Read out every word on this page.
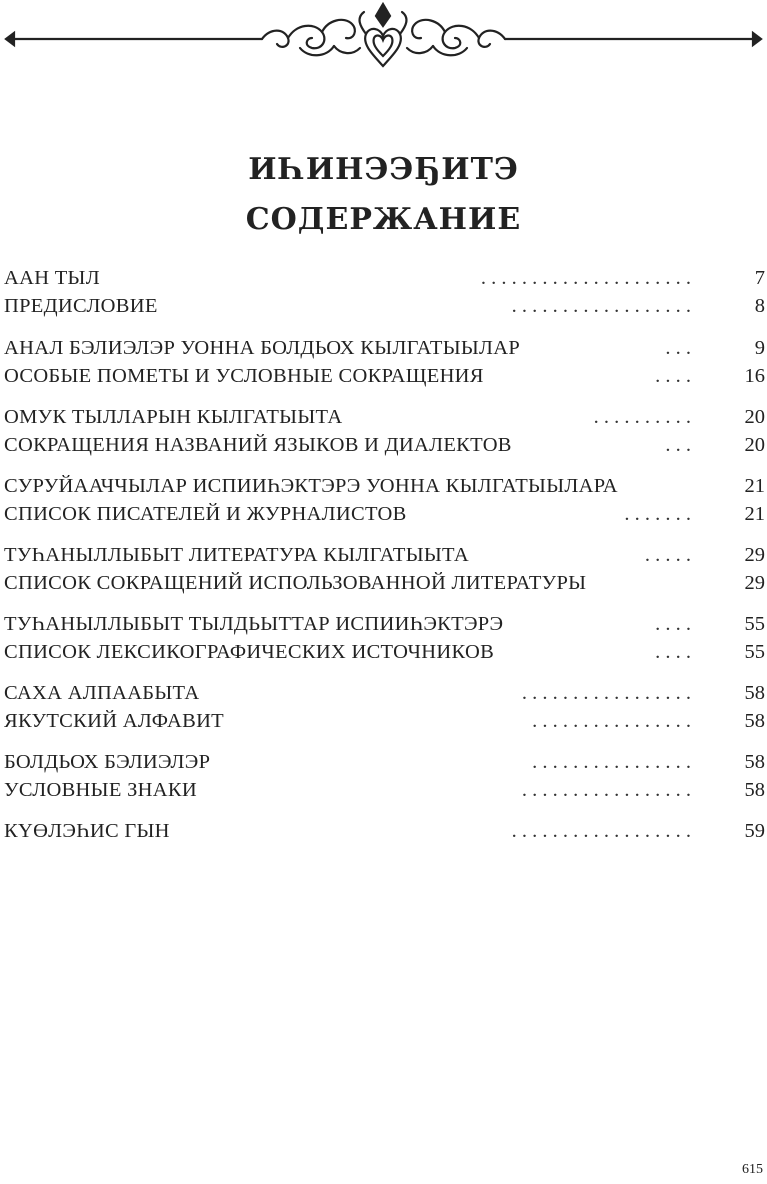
ИҺИНЭЭҔИТЭ
СОДЕРЖАНИЕ
ААН ТЫЛ	. . . . . . . . . . . . . . . . . . . . .	7
ПРЕДИСЛОВИЕ	. . . . . . . . . . . . . . . . . .	8
АНАЛ БЭЛИЭЛЭР УОННА БОЛДЬОХ КЫЛГАТЫЫЛАР	. . .	9
ОСОБЫЕ ПОМЕТЫ И УСЛОВНЫЕ СОКРАЩЕНИЯ	. . . .	16
ОМУК ТЫЛЛАРЫН КЫЛГАТЫЫТА	. . . . . . . . . .	20
СОКРАЩЕНИЯ НАЗВАНИЙ ЯЗЫКОВ И ДИАЛЕКТОВ	. . .	20
СУРУЙААЧЧЫЛАР ИСПИИҺЭКТЭРЭ УОННА КЫЛГАТЫЫЛАРА	21
СПИСОК ПИСАТЕЛЕЙ И ЖУРНАЛИСТОВ	. . . . . . .	21
ТУҺАНЫЛЛЫБЫТ ЛИТЕРАТУРА КЫЛГАТЫЫТА	. . . . .	29
СПИСОК СОКРАЩЕНИЙ ИСПОЛЬЗОВАННОЙ ЛИТЕРАТУРЫ	29
ТУҺАНЫЛЛЫБЫТ ТЫЛДЬЫТТАР ИСПИИҺЭКТЭРЭ	. . . .	55
СПИСОК ЛЕКСИКОГРАФИЧЕСКИХ ИСТОЧНИКОВ	. . . .	55
САХА АЛПААБЫТА	. . . . . . . . . . . . . . . . .	58
ЯКУТСКИЙ АЛФАВИТ	. . . . . . . . . . . . . . . .	58
БОЛДЬОХ БЭЛИЭЛЭР	. . . . . . . . . . . . . . . .	58
УСЛОВНЫЕ ЗНАКИ	. . . . . . . . . . . . . . . . .	58
КҮӨЛЭҺИС ГЫН	. . . . . . . . . . . . . . . . . .	59
615
